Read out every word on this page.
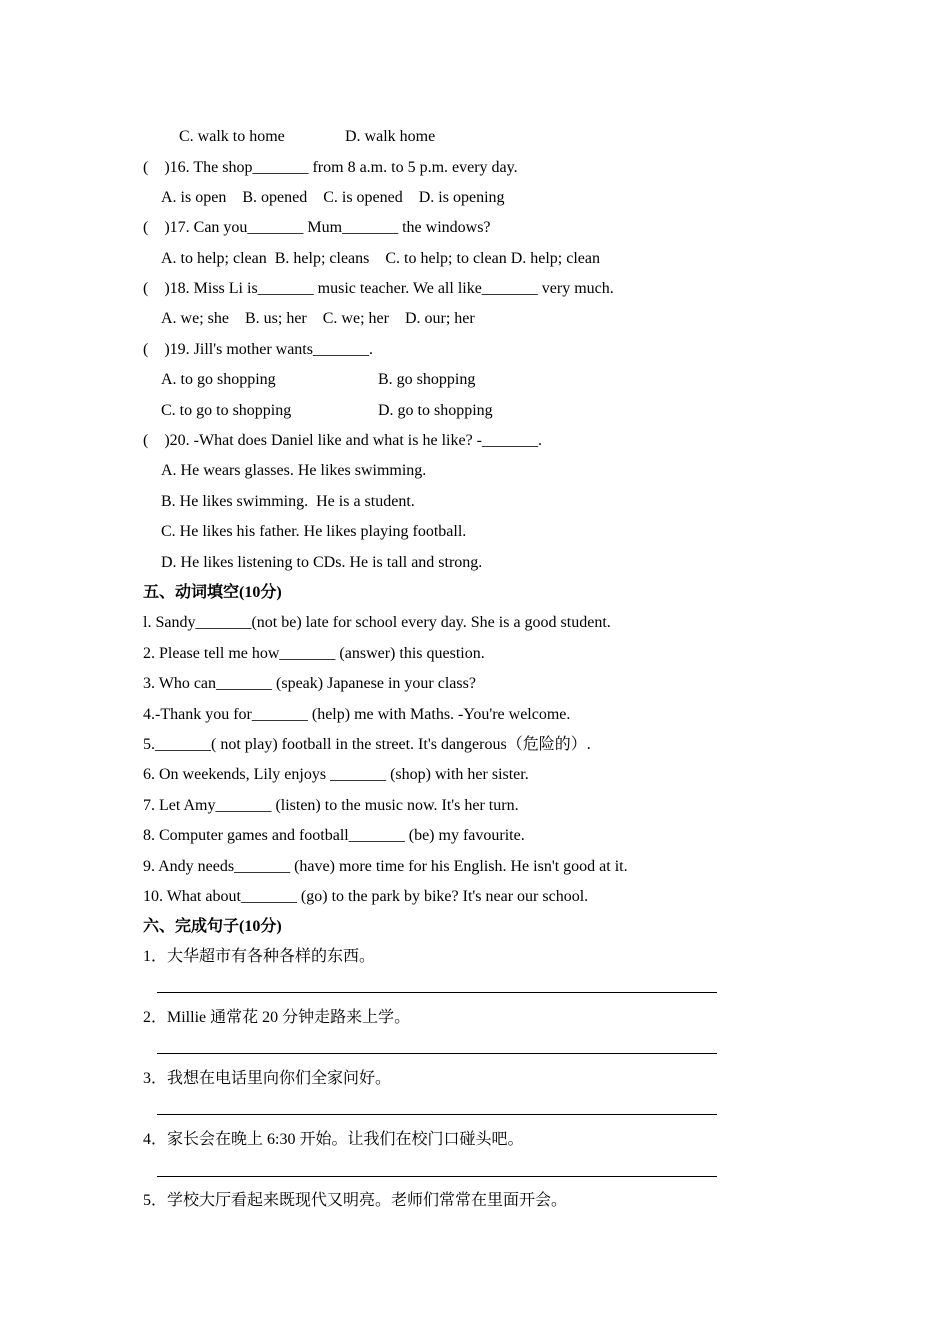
C. walk to home	D. walk home
(    )16. The shop_______ from 8 a.m. to 5 p.m. every day.
A. is open    B. opened    C. is opened    D. is opening
(    )17. Can you_______ Mum_______ the windows?
A. to help; clean  B. help; cleans    C. to help; to clean D. help; clean
(    )18. Miss Li is_______ music teacher. We all like_______ very much.
A. we; she    B. us; her    C. we; her    D. our; her
(    )19. Jill's mother wants_______.
A. to go shopping	B. go shopping
C. to go to shopping	D. go to shopping
(    )20. -What does Daniel like and what is he like? -_______.
A. He wears glasses. He likes swimming.
B. He likes swimming.  He is a student.
C. He likes his father. He likes playing football.
D. He likes listening to CDs. He is tall and strong.
五、动词填空(10分)
l. Sandy_______(not be) late for school every day. She is a good student.
2. Please tell me how_______ (answer) this question.
3. Who can_______ (speak) Japanese in your class?
4.-Thank you for_______ (help) me with Maths. -You're welcome.
5._______( not play) football in the street. It's dangerous（危险的）.
6. On weekends, Lily enjoys _______ (shop) with her sister.
7. Let Amy_______ (listen) to the music now. It's her turn.
8. Computer games and football_______ (be) my favourite.
9. Andy needs_______ (have) more time for his English. He isn't good at it.
10. What about_______ (go) to the park by bike? It's near our school.
六、完成句子(10分)
1．大华超市有各种各样的东西。
2．Millie 通常花 20 分钟走路来上学。
3．我想在电话里向你们全家问好。
4．家长会在晚上 6:30 开始。让我们在校门口碰头吧。
5．学校大厅看起来既现代又明亮。老师们常常在里面开会。
